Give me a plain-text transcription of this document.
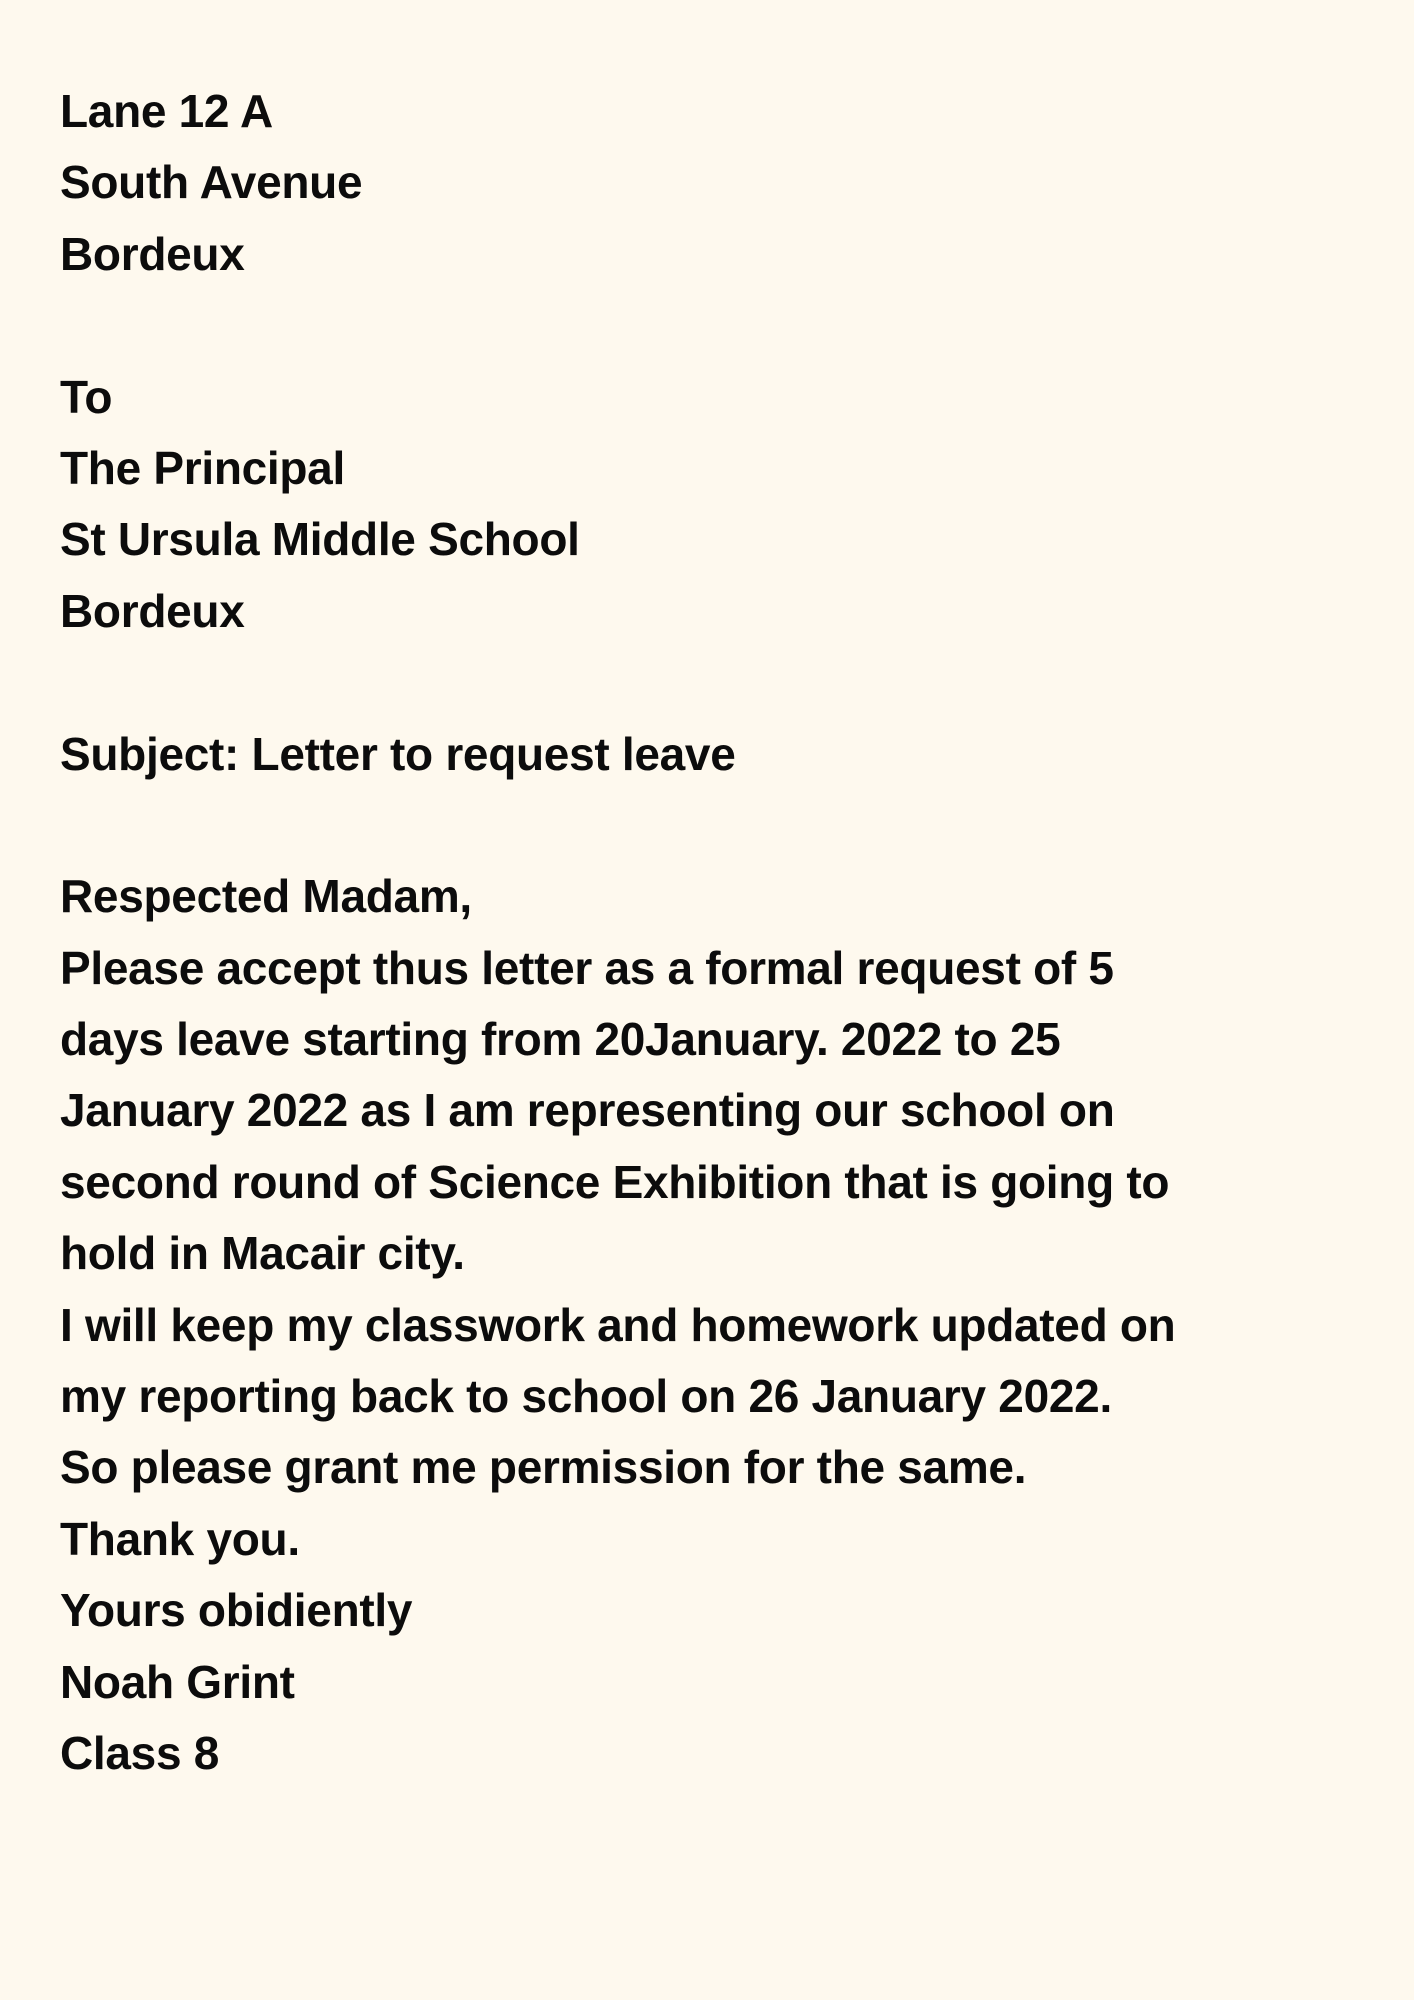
Lane 12 A
South Avenue
Bordeux
To
The Principal
St Ursula Middle School
Bordeux
Subject: Letter to request leave
Respected Madam,
Please accept thus letter as a formal request of 5
days leave starting from 20January. 2022 to 25
January 2022 as I am representing our school on
second round of Science Exhibition that is going to
hold in Macair city.
I will keep my classwork and homework updated on
my reporting back to school on 26 January 2022.
So please grant me permission for the same.
Thank you.
Yours obidiently
Noah Grint
Class 8
